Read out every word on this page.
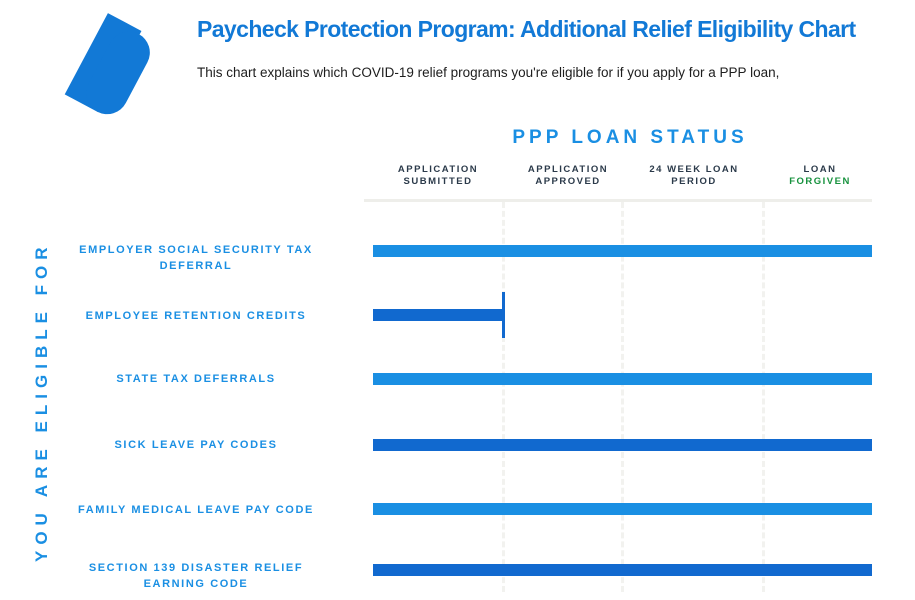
Paycheck Protection Program: Additional Relief Eligibility Chart

This chart explains which COVID-19 relief programs you're eligible for if you apply for a PPP loan,

PPP LOAN STATUS
APPLICATION
SUBMITTED
APPLICATION
APPROVED
24 WEEK LOAN
PERIOD
LOAN
FORGIVEN
YOU ARE ELIGIBLE FOR	EMPLOYER SOCIAL SECURITY TAX DEFERRAL
EMPLOYEE RETENTION CREDITS
STATE TAX DEFERRALS
SICK LEAVE PAY CODES
FAMILY MEDICAL LEAVE PAY CODE
SECTION 139 DISASTER RELIEF EARNING CODE
